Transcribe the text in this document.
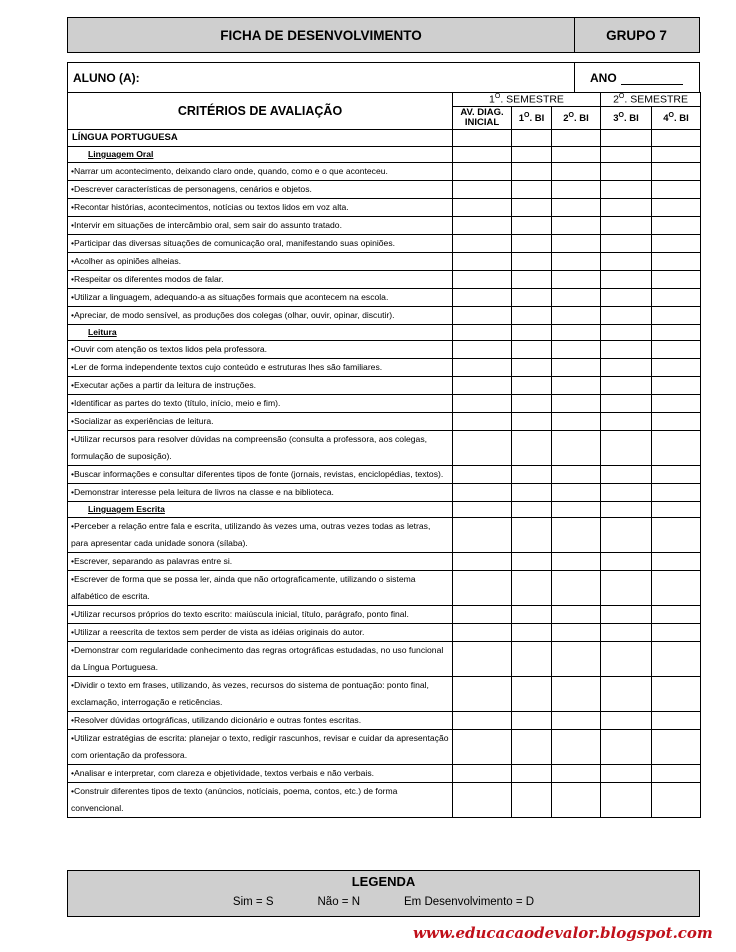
FICHA DE DESENVOLVIMENTO	GRUPO 7
ALUNO (A):	ANO
CRITÉRIOS DE AVALIAÇÃO	$1^O$. SEMESTRE			$2^O$. SEMESTRE	
	AV. DIAG.
INICIAL	$1^O$. BI	$2^O$. BI	$3^O$. BI	$4^O$. BI
LÍNGUA PORTUGUESA					
Linguagem Oral					
• Narrar um acontecimento, deixando claro onde, quando, como e o que aconteceu.					
• Descrever características de personagens, cenários e objetos.					
• Recontar histórias, acontecimentos, notícias ou textos lidos em voz alta.					
• Intervir em situações de intercâmbio oral, sem sair do assunto tratado.					
• Participar das diversas situações de comunicação oral, manifestando suas opiniões.					
• Acolher as opiniões alheias.					
• Respeitar os diferentes modos de falar.					
• Utilizar a linguagem, adequando-a as situações formais que acontecem na escola.					
• Apreciar, de modo sensível, as produções dos colegas (olhar, ouvir, opinar, discutir).					
Leitura					
• Ouvir com atenção os textos lidos pela professora.					
• Ler de forma independente textos cujo conteúdo e estruturas lhes são familiares.					
• Executar ações a partir da leitura de instruções.					
• Identificar as partes do texto (título, início, meio e fim).					
• Socializar as experiências de leitura.					
• Utilizar recursos para resolver dúvidas na compreensão (consulta a professora, aos colegas, formulação de suposição).					
• Buscar informações e consultar diferentes tipos de fonte (jornais, revistas, enciclopédias, textos).					
• Demonstrar interesse pela leitura de livros na classe e na biblioteca.					
Linguagem Escrita					
• Perceber a relação entre fala e escrita, utilizando às vezes uma, outras vezes todas as letras, para apresentar cada unidade sonora (sílaba).					
• Escrever, separando as palavras entre si.					
• Escrever de forma que se possa ler, ainda que não ortograficamente, utilizando o sistema alfabético de escrita.					
• Utilizar recursos próprios do texto escrito: maiúscula inicial, título, parágrafo, ponto final.					
• Utilizar a reescrita de textos sem perder de vista as idéias originais do autor.					
• Demonstrar com regularidade conhecimento das regras ortográficas estudadas, no uso funcional da Língua Portuguesa.					
• Dividir o texto em frases, utilizando, às vezes, recursos do sistema de pontuação: ponto final, exclamação, interrogação e reticências.					
• Resolver dúvidas ortográficas, utilizando dicionário e outras fontes escritas.					
• Utilizar estratégias de escrita: planejar o texto, redigir rascunhos, revisar e cuidar da apresentação com orientação da professora.					
• Analisar e interpretar, com clareza e objetividade, textos verbais e não verbais.					
• Construir diferentes tipos de texto (anúncios, notíciais, poema, contos, etc.) de forma convencional.					
LEGENDA
Sim = S	Não = N	Em Desenvolvimento = D
www.educacaodevalor.blogspot.com
